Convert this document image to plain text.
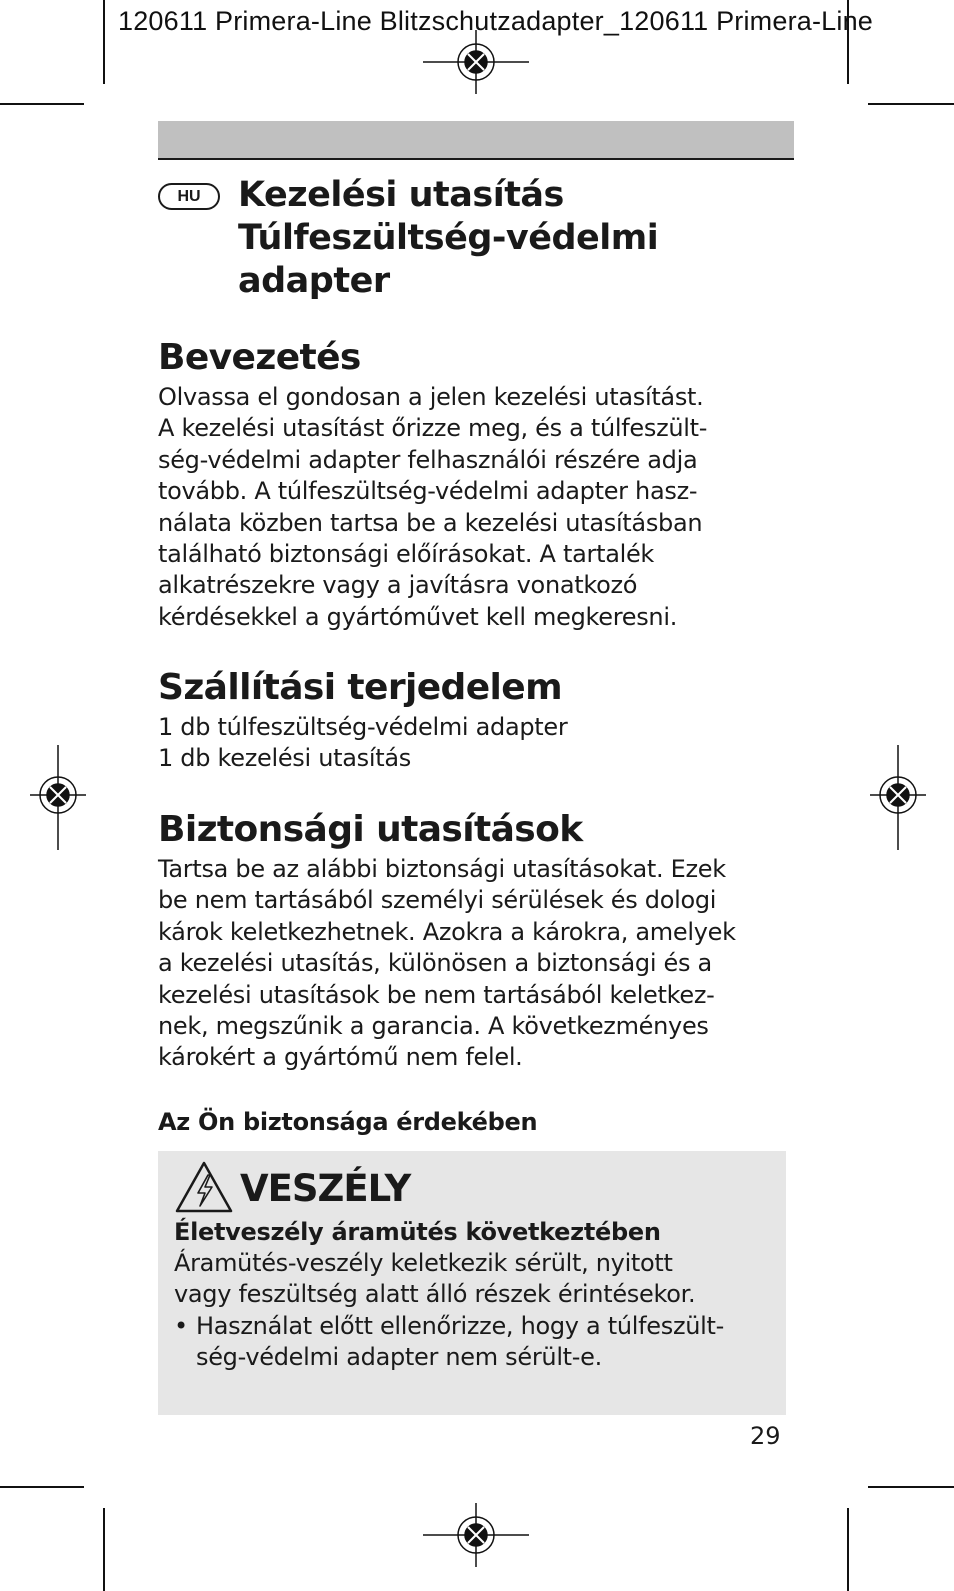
120611 Primera-Line Blitzschutzadapter_120611 Primera-Line
HU	Kezelési utasítás
Túlfeszültség-védelmi
adapter
Bevezetés
Olvassa el gondosan a jelen kezelési utasítást.
A kezelési utasítást őrizze meg, és a túlfeszült-
ség-védelmi adapter felhasználói részére adja
tovább. A túlfeszültség-védelmi adapter hasz-
nálata közben tartsa be a kezelési utasításban
található biztonsági előírásokat. A tartalék
alkatrészekre vagy a javításra vonatkozó
kérdésekkel a gyártóművet kell megkeresni.
Szállítási terjedelem
1 db túlfeszültség-védelmi adapter
1 db kezelési utasítás
Biztonsági utasítások
Tartsa be az alábbi biztonsági utasításokat. Ezek
be nem tartásából személyi sérülések és dologi
károk keletkezhetnek. Azokra a károkra, amelyek
a kezelési utasítás, különösen a biztonsági és a
kezelési utasítások be nem tartásából keletkez-
nek, megszűnik a garancia. A következményes
károkért a gyártómű nem felel.
Az Ön biztonsága érdekében
VESZÉLY
Életveszély áramütés következtében
Áramütés-veszély keletkezik sérült, nyitott
vagy feszültség alatt álló részek érintésekor.
• Használat előtt ellenőrizze, hogy a túlfeszült-
ség-védelmi adapter nem sérült-e.
29
